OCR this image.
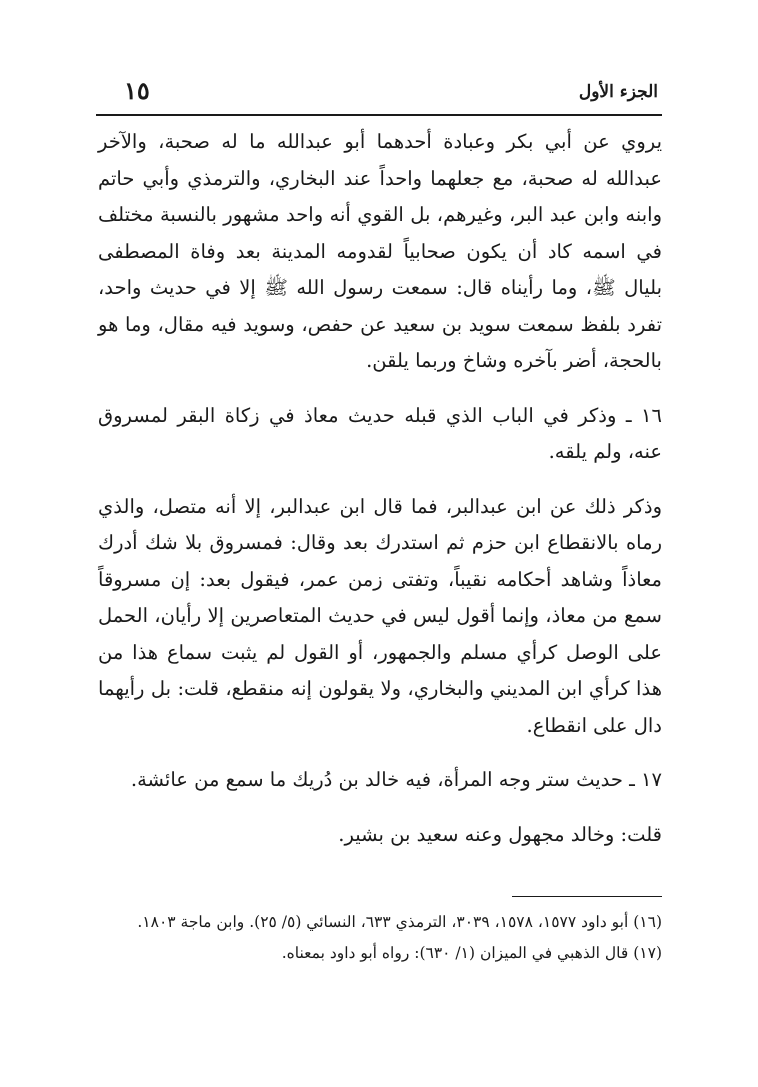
الجزء الأول
١٥

يروي عن أبي بكر وعبادة أحدهما أبو عبدالله ما له صحبة، والآخر عبدالله له صحبة، مع جعلهما واحداً عند البخاري، والترمذي وأبي حاتم وابنه وابن عبد البر، وغيرهم، بل القوي أنه واحد مشهور بالنسبة مختلف في اسمه كاد أن يكون صحابياً لقدومه المدينة بعد وفاة المصطفى بليال ﷺ، وما رأيناه قال: سمعت رسول الله ﷺ إلا في حديث واحد، تفرد بلفظ سمعت سويد بن سعيد عن حفص، وسويد فيه مقال، وما هو بالحجة، أضر بآخره وشاخ وربما يلقن.

١٦ ـ وذكر في الباب الذي قبله حديث معاذ في زكاة البقر لمسروق عنه، ولم يلقه.

وذكر ذلك عن ابن عبدالبر، فما قال ابن عبدالبر، إلا أنه متصل، والذي رماه بالانقطاع ابن حزم ثم استدرك بعد وقال: فمسروق بلا شك أدرك معاذاً وشاهد أحكامه نقيباً، وتفتى زمن عمر، فيقول بعد: إن مسروقاً سمع من معاذ، وإنما أقول ليس في حديث المتعاصرين إلا رأيان، الحمل على الوصل كرأي مسلم والجمهور، أو القول لم يثبت سماع هذا من هذا كرأي ابن المديني والبخاري، ولا يقولون إنه منقطع، قلت: بل رأيهما دال على انقطاع.

١٧ ـ حديث ستر وجه المرأة، فيه خالد بن دُريك ما سمع من عائشة.

قلت: وخالد مجهول وعنه سعيد بن بشير.

(١٦) أبو داود ١٥٧٧، ١٥٧٨، ٣٠٣٩، الترمذي ٦٣٣، النسائي (٥/ ٢٥). وابن ماجة ١٨٠٣.

(١٧) قال الذهبي في الميزان (١/ ٦٣٠): رواه أبو داود بمعناه.
